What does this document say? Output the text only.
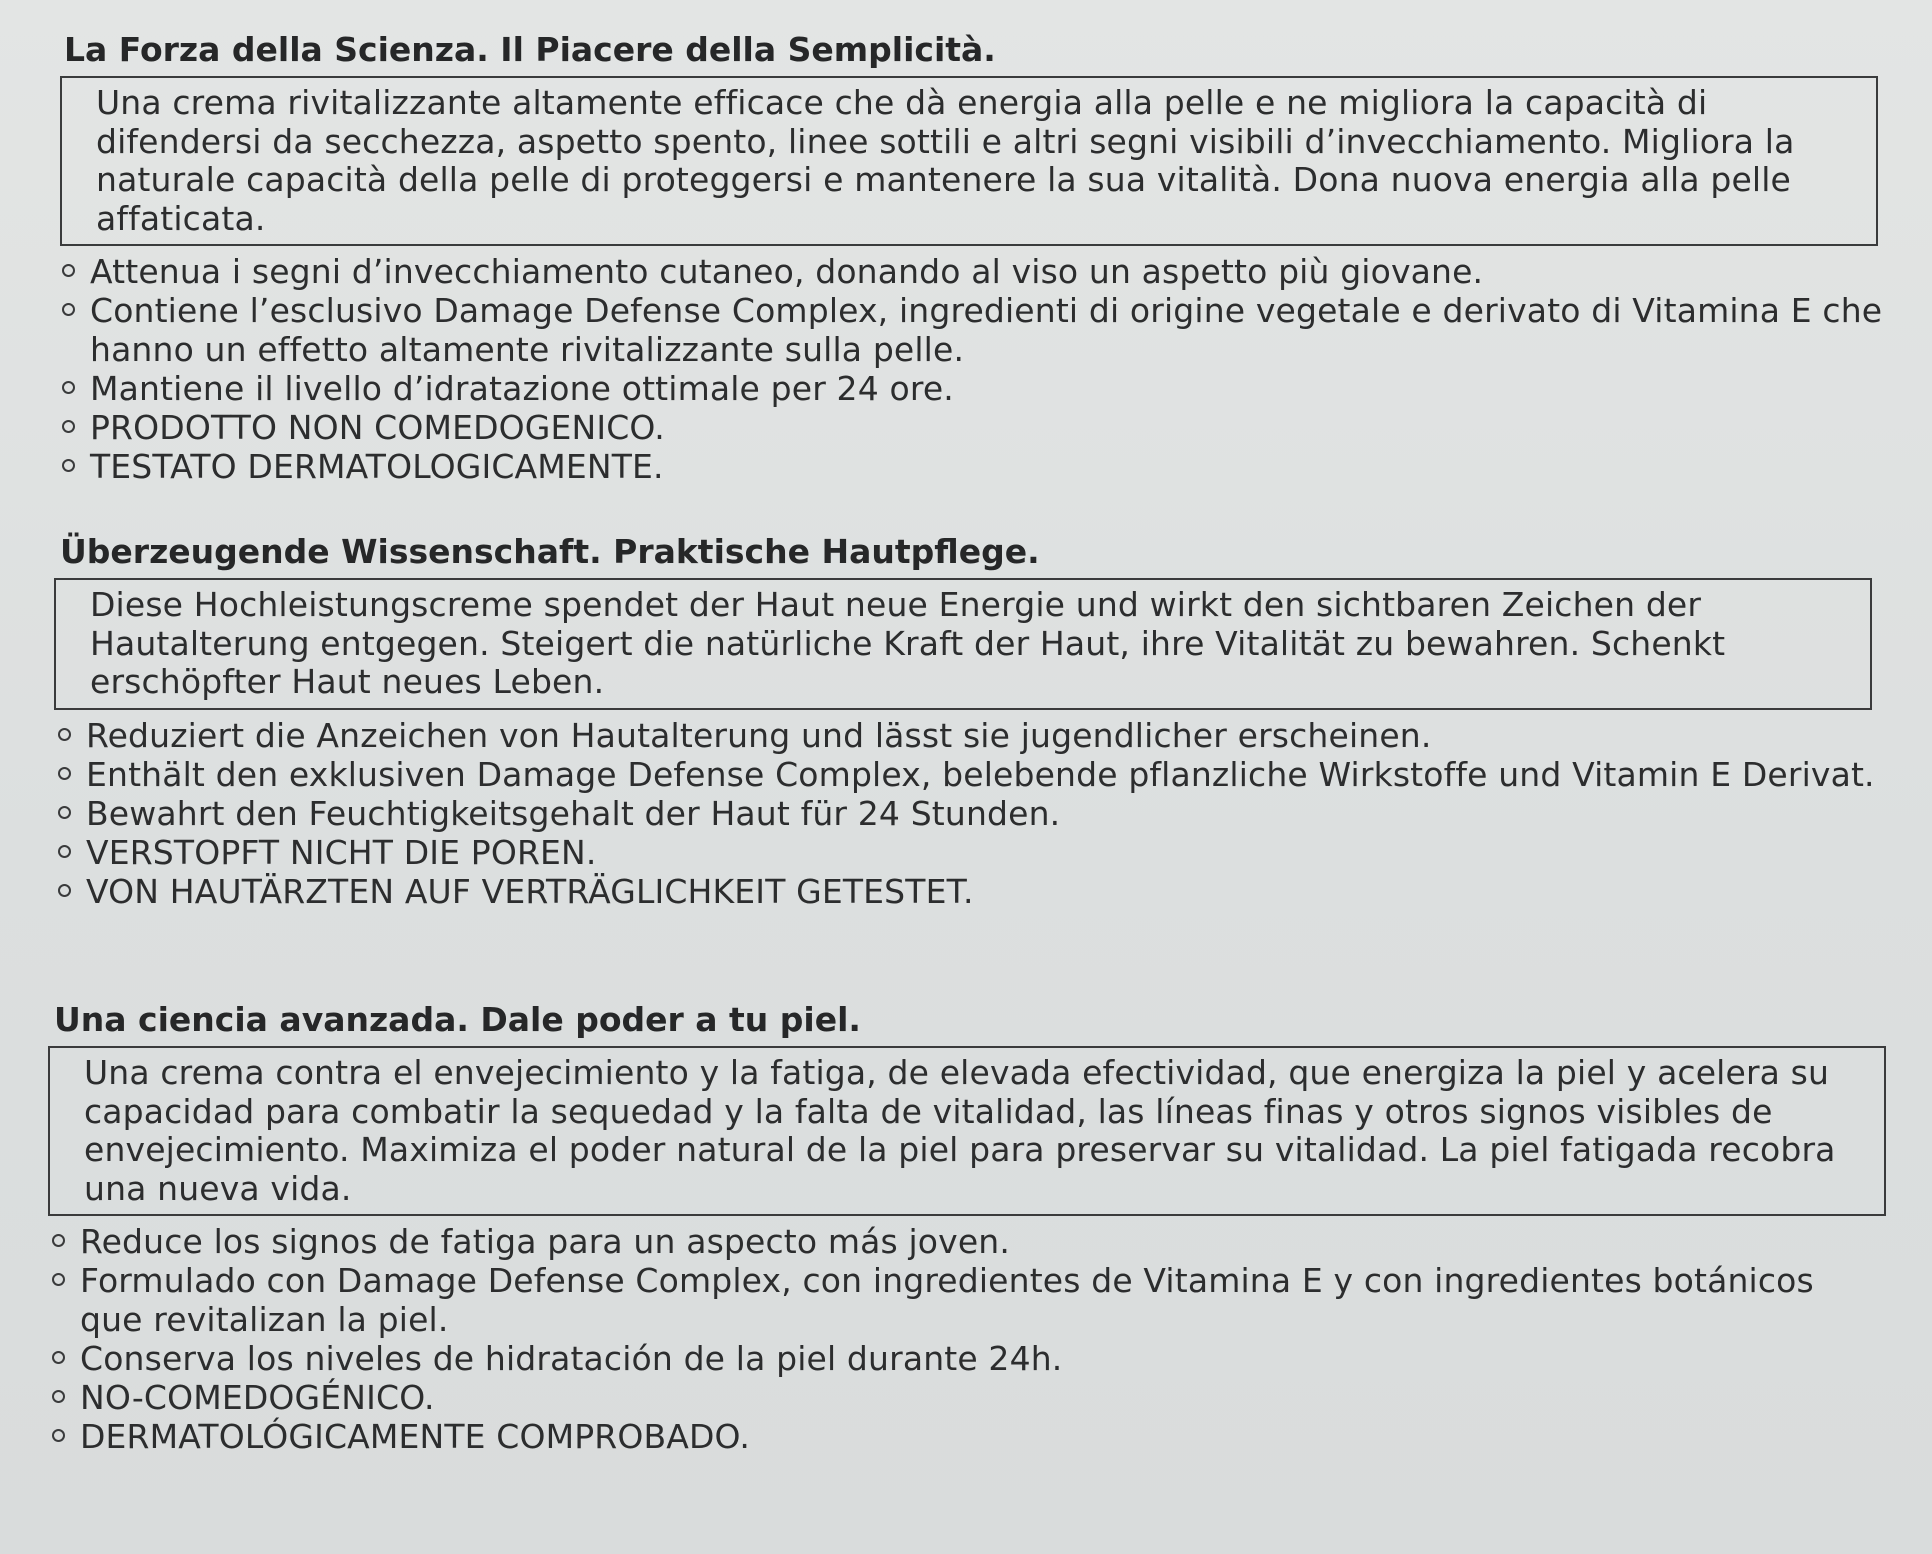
La Forza della Scienza. Il Piacere della Semplicità.
Una crema rivitalizzante altamente efficace che dà energia alla pelle e ne migliora la capacità di difendersi da secchezza, aspetto spento, linee sottili e altri segni visibili d’invecchiamento. Migliora la naturale capacità della pelle di proteggersi e mantenere la sua vitalità. Dona nuova energia alla pelle affaticata.
Attenua i segni d’invecchiamento cutaneo, donando al viso un aspetto più giovane.
Contiene l’esclusivo Damage Defense Complex, ingredienti di origine vegetale e derivato di Vitamina E che hanno un effetto altamente rivitalizzante sulla pelle.
Mantiene il livello d’idratazione ottimale per 24 ore.
PRODOTTO NON COMEDOGENICO.
TESTATO DERMATOLOGICAMENTE.
Überzeugende Wissenschaft. Praktische Hautpflege.
Diese Hochleistungscreme spendet der Haut neue Energie und wirkt den sichtbaren Zeichen der Hautalterung entgegen. Steigert die natürliche Kraft der Haut, ihre Vitalität zu bewahren. Schenkt erschöpfter Haut neues Leben.
Reduziert die Anzeichen von Hautalterung und lässt sie jugendlicher erscheinen.
Enthält den exklusiven Damage Defense Complex, belebende pflanzliche Wirkstoffe und Vitamin E Derivat.
Bewahrt den Feuchtigkeitsgehalt der Haut für 24 Stunden.
VERSTOPFT NICHT DIE POREN.
VON HAUTÄRZTEN AUF VERTRÄGLICHKEIT GETESTET.
Una ciencia avanzada. Dale poder a tu piel.
Una crema contra el envejecimiento y la fatiga, de elevada efectividad, que energiza la piel y acelera su capacidad para combatir la sequedad y la falta de vitalidad, las líneas finas y otros signos visibles de envejecimiento. Maximiza el poder natural de la piel para preservar su vitalidad. La piel fatigada recobra una nueva vida.
Reduce los signos de fatiga para un aspecto más joven.
Formulado con Damage Defense Complex, con ingredientes de Vitamina E y con ingredientes botánicos que revitalizan la piel.
Conserva los niveles de hidratación de la piel durante 24h.
NO-COMEDOGÉNICO.
DERMATOLÓGICAMENTE COMPROBADO.
